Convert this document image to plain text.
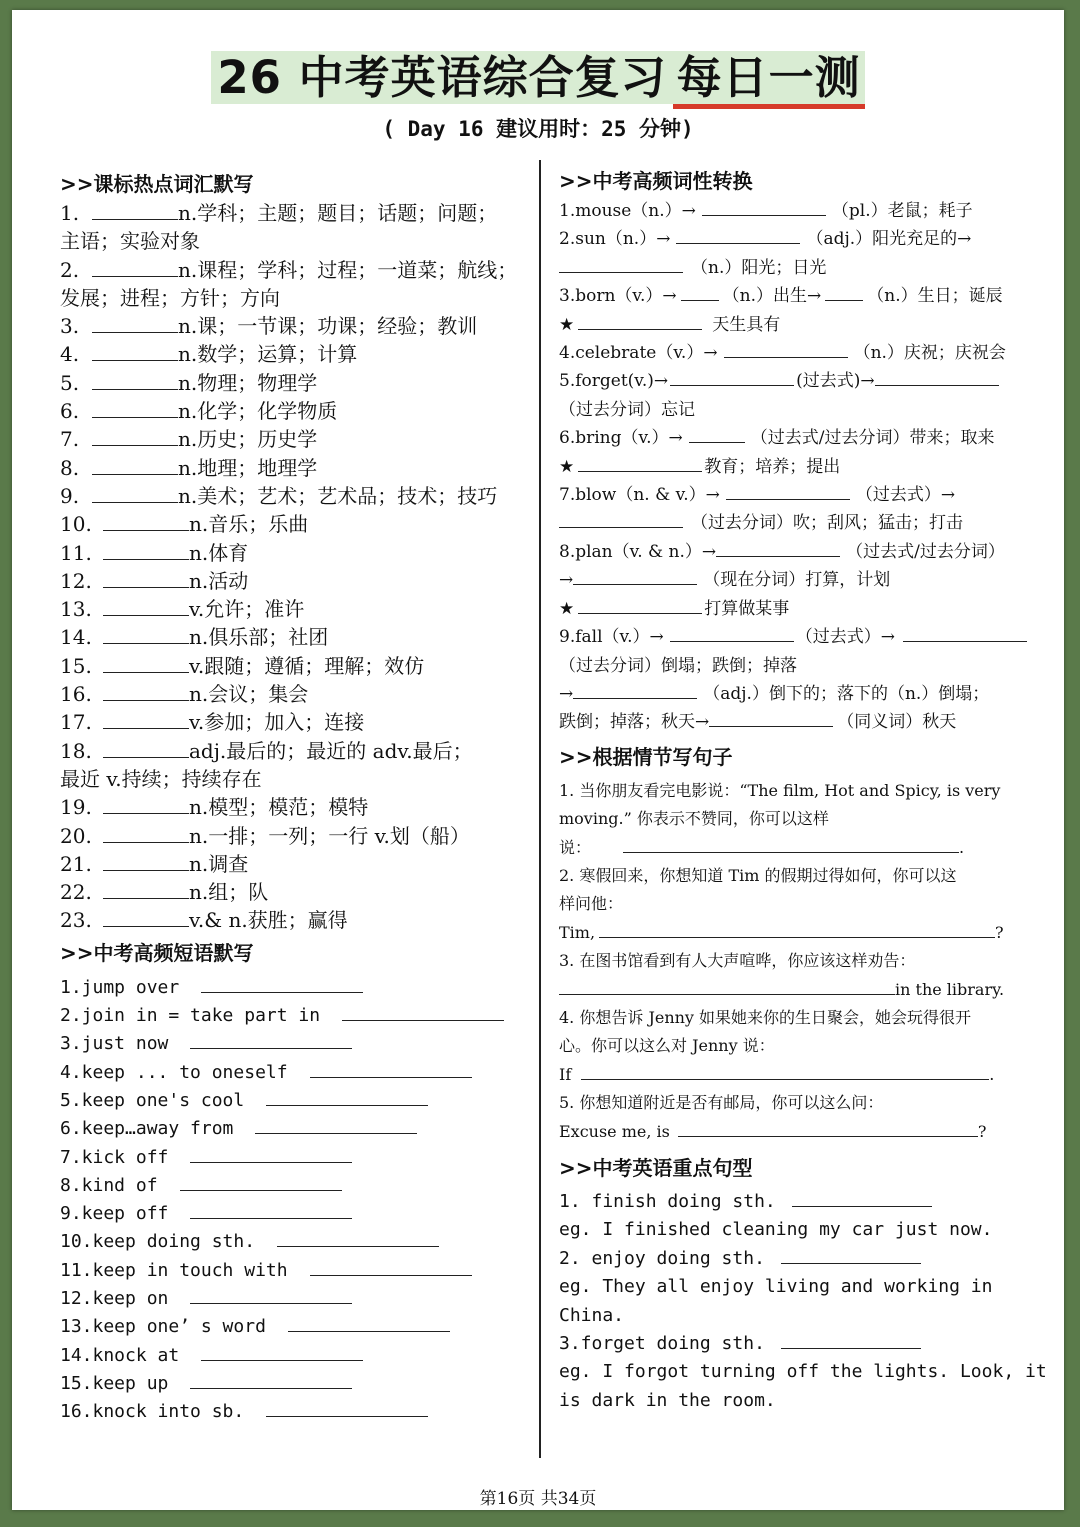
26 中考英语综合复习 每日一测
( Day 16 建议用时：25 分钟)
>>课标热点词汇默写
1.	n.学科；主题；题目；话题；问题；
主语；实验对象
2.	n.课程；学科；过程；一道菜；航线；
发展；进程；方针；方向
3.	n.课；一节课；功课；经验；教训
4.	n.数学；运算；计算
5.	n.物理；物理学
6.	n.化学；化学物质
7.	n.历史；历史学
8.	n.地理；地理学
9.	n.美术；艺术；艺术品；技术；技巧
10.	n.音乐；乐曲
11.	n.体育
12.	n.活动
13.	v.允许；准许
14.	n.俱乐部；社团
15.	v.跟随；遵循；理解；效仿
16.	n.会议；集会
17.	v.参加；加入；连接
18.	adj.最后的；最近的 adv.最后；
最近 v.持续；持续存在
19.	n.模型；模范；模特
20.	n.一排；一列；一行 v.划（船）
21.	n.调查
22.	n.组；队
23.	v.& n.获胜；赢得
>>中考高频短语默写
1.jump over
2.join in = take part in
3.just now
4.keep ... to oneself
5.keep one's cool
6.keep…away from
7.kick off
8.kind of
9.keep off
10.keep doing sth.
11.keep in touch with
12.keep on
13.keep one’ s word
14.knock at
15.keep up
16.knock into sb.
>>中考高频词性转换
1.mouse（n.）→	（pl.）老鼠；耗子
2.sun（n.）→	（adj.）阳光充足的→
（n.）阳光；日光
3.born（v.）→	（n.）出生→	（n.）生日；诞辰
★	天生具有
4.celebrate（v.）→	（n.）庆祝；庆祝会
5.forget(v.)→	(过去式)→
（过去分词）忘记
6.bring（v.）→	（过去式/过去分词）带来；取来
★	教育；培养；提出
7.blow（n. & v.）→	（过去式）→
（过去分词）吹；刮风；猛击；打击
8.plan（v. & n.）→	（过去式/过去分词）
→	（现在分词）打算，计划
★	打算做某事
9.fall（v.）→	（过去式）→
（过去分词）倒塌；跌倒；掉落
→	（adj.）倒下的；落下的（n.）倒塌；
跌倒；掉落；秋天→	（同义词）秋天
>>根据情节写句子
1. 当你朋友看完电影说：“The film, Hot and Spicy, is very
moving.” 你表示不赞同，你可以这样
说：	.
2. 寒假回来，你想知道 Tim 的假期过得如何，你可以这
样问他：
Tim,	?
3. 在图书馆看到有人大声喧哗，你应该这样劝告：
in the library.
4. 你想告诉 Jenny 如果她来你的生日聚会，她会玩得很开
心。你可以这么对 Jenny 说：
If	.
5. 你想知道附近是否有邮局，你可以这么问：
Excuse me, is	?
>>中考英语重点句型
1. finish doing sth.
eg. I finished cleaning my car just now.
2. enjoy doing sth.
eg. They all enjoy living and working in
China.
3.forget doing sth.
eg. I forgot turning off the lights. Look, it
is dark in the room.
第16页 共34页
